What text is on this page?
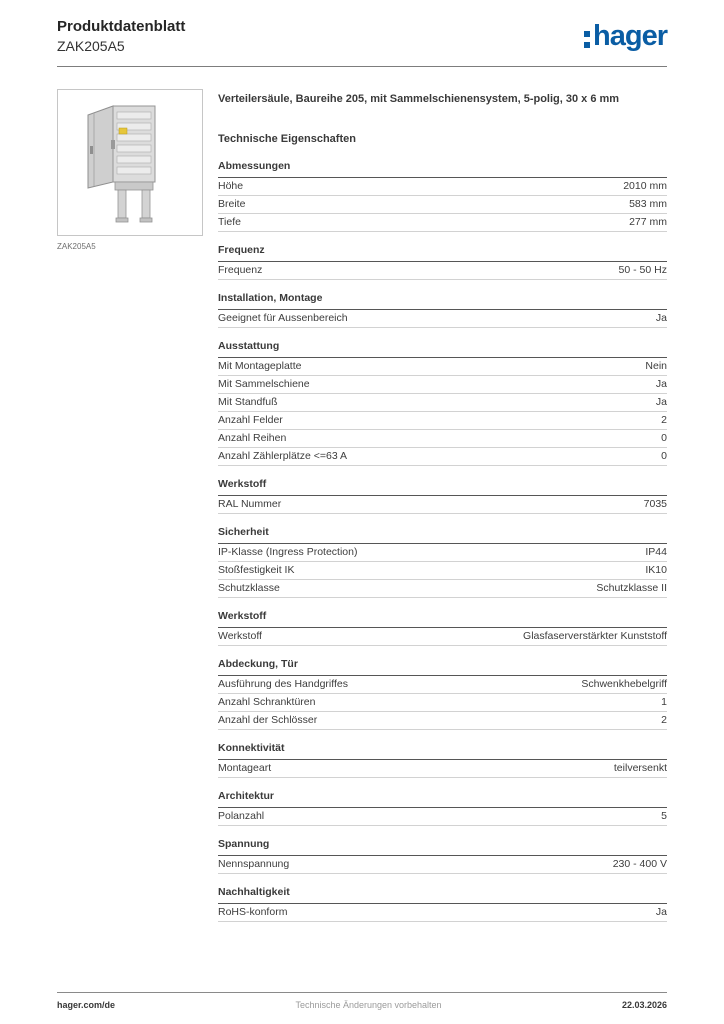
Produktdatenblatt
ZAK205A5	hager
ZAK205A5

Verteilersäule, Baureihe 205, mit Sammelschienensystem, 5-polig, 30 x 6 mm

Technische Eigenschaften
Abmessungen
Höhe	2010 mm
Breite	583 mm
Tiefe	277 mm
Frequenz
Frequenz	50 - 50 Hz
Installation, Montage
Geeignet für Aussenbereich	Ja
Ausstattung
Mit Montageplatte	Nein
Mit Sammelschiene	Ja
Mit Standfuß	Ja
Anzahl Felder	2
Anzahl Reihen	0
Anzahl Zählerplätze <=63 A	0
Werkstoff
RAL Nummer	7035
Sicherheit
IP-Klasse (Ingress Protection)	IP44
Stoßfestigkeit IK	IK10
Schutzklasse	Schutzklasse II
Werkstoff
Werkstoff	Glasfaserverstärkter Kunststoff
Abdeckung, Tür
Ausführung des Handgriffes	Schwenkhebelgriff
Anzahl Schranktüren	1
Anzahl der Schlösser	2
Konnektivität
Montageart	teilversenkt
Architektur
Polanzahl	5
Spannung
Nennspannung	230 - 400 V
Nachhaltigkeit
RoHS-konform	Ja
hager.com/de	Technische Änderungen vorbehalten	22.03.2026
